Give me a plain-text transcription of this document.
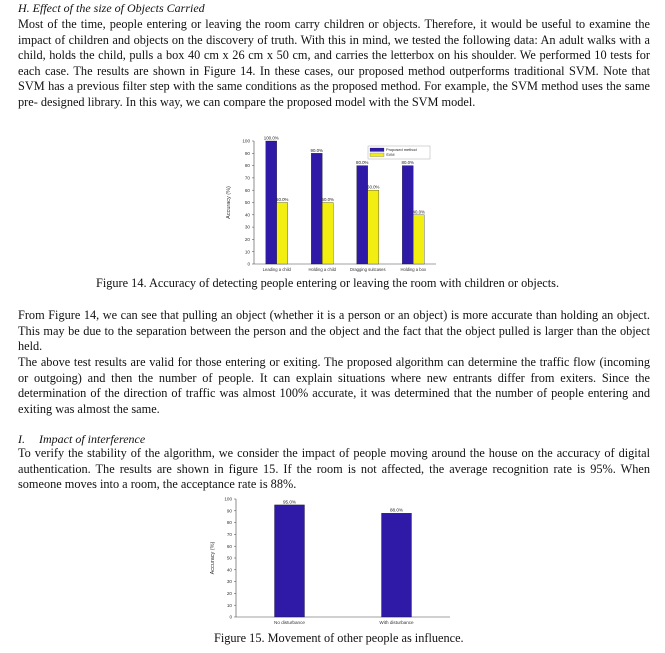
H. Effect of the size of Objects Carried

Most of the time, people entering or leaving the room carry children or objects. Therefore, it would be useful to examine the impact of children and objects on the discovery of truth. With this in mind, we tested the following data: An adult walks with a child, holds the child, pulls a box 40 cm x 26 cm x 50 cm, and carries the letterbox on his shoulder. We performed 10 tests for each case. The results are shown in Figure 14. In these cases, our proposed method outperforms traditional SVM. Note that SVM has a previous filter step with the same conditions as the proposed method. For example, the SVM method uses the same pre- designed library. In this way, we can compare the proposed model with the SVM model.

0
10
20
30
40
50
60
70
80
90
100
Accuracy (%)
100.0%
50.0%
Leading a child
90.0%
50.0%
Holding a child
80.0%
60.0%
Dragging suitcases
80.0%
40.0%
Holding a box
Proposed method
SVM
Figure 14. Accuracy of detecting people entering or leaving the room with children or objects.

From Figure 14, we can see that pulling an object (whether it is a person or an object) is more accurate than holding an object. This may be due to the separation between the person and the object and the fact that the object pulled is larger than the object held.

The above test results are valid for those entering or exiting. The proposed algorithm can determine the traffic flow (incoming or outgoing) and then the number of people. It can explain situations where new entrants differ from exiters. Since the determination of the direction of traffic was almost 100% accurate, it was determined that the number of people entering and exiting was almost the same.

I. Impact of interference

To verify the stability of the algorithm, we consider the impact of people moving around the house on the accuracy of digital authentication. The results are shown in figure 15. If the room is not affected, the average recognition rate is 95%. When someone moves into a room, the acceptance rate is 88%.

0
10
20
30
40
50
60
70
80
90
100
Accuracy (%)
95.0%
No disturbance
88.0%
With disturbance
Figure 15. Movement of other people as influence.
